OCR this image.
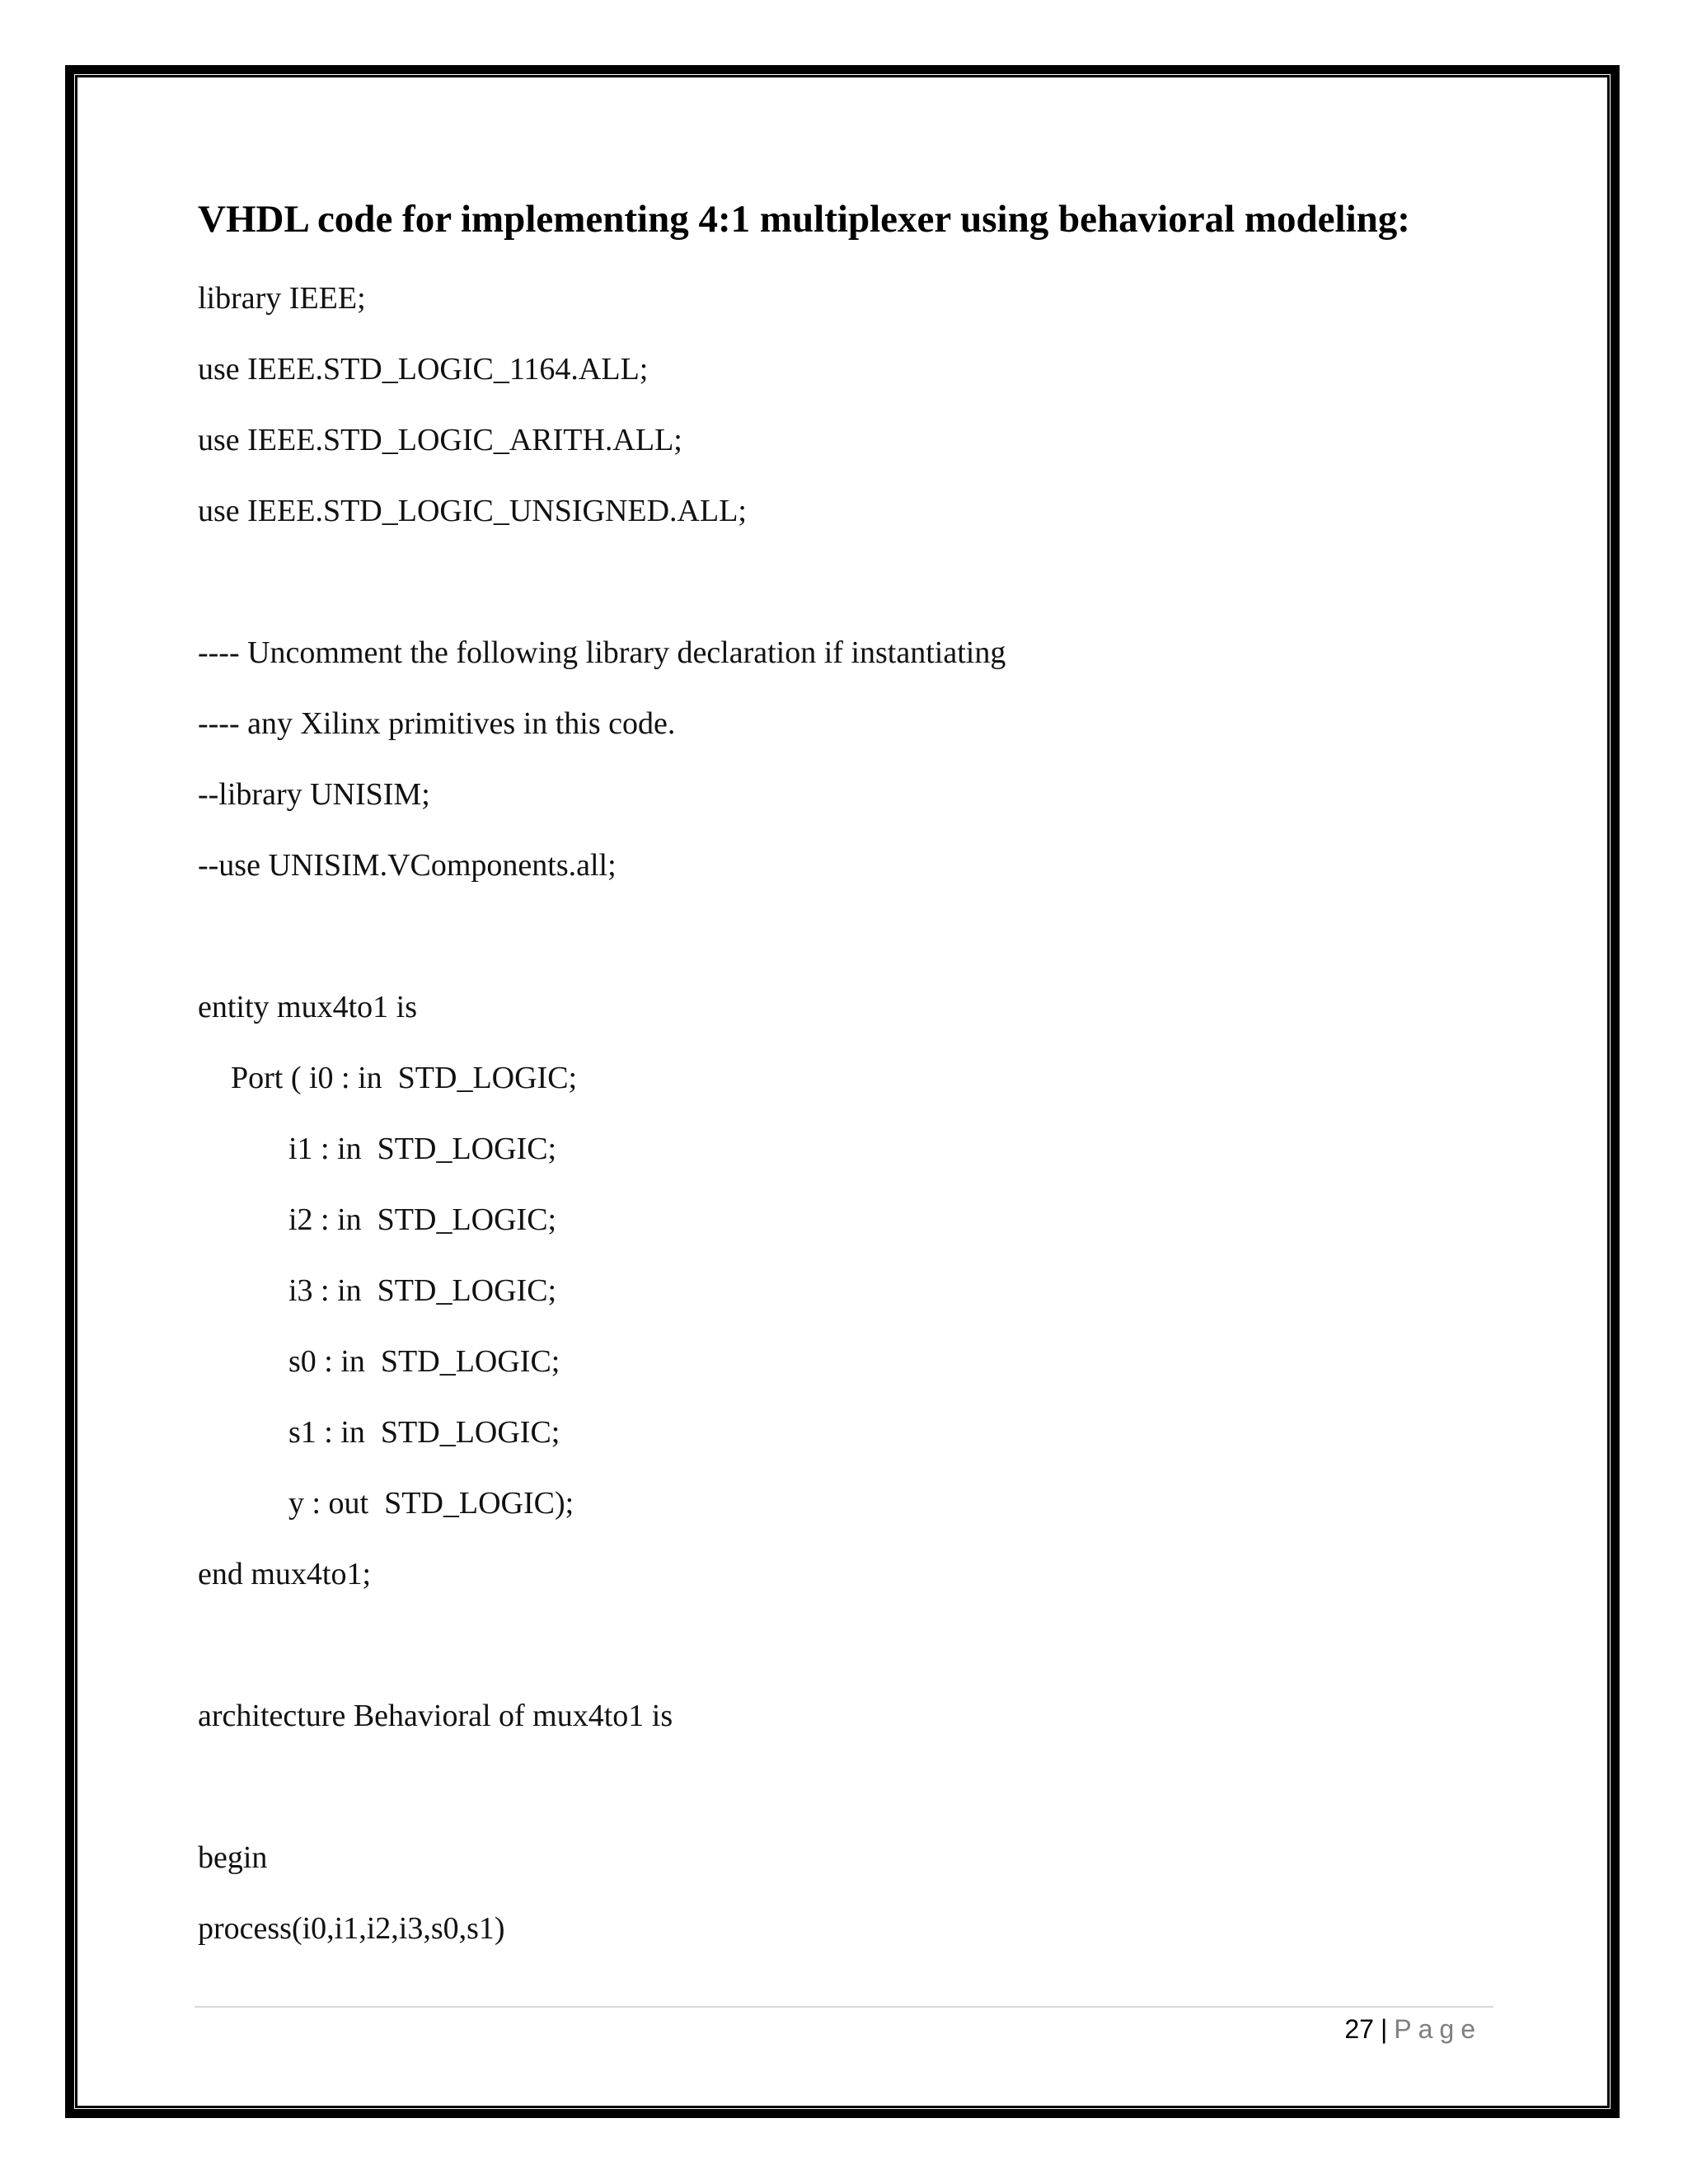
VHDL code for implementing 4:1 multiplexer using behavioral modeling:
library IEEE;
use IEEE.STD_LOGIC_1164.ALL;
use IEEE.STD_LOGIC_ARITH.ALL;
use IEEE.STD_LOGIC_UNSIGNED.ALL;
---- Uncomment the following library declaration if instantiating
---- any Xilinx primitives in this code.
--library UNISIM;
--use UNISIM.VComponents.all;
entity mux4to1 is
Port ( i0 : in  STD_LOGIC;
i1 : in  STD_LOGIC;
i2 : in  STD_LOGIC;
i3 : in  STD_LOGIC;
s0 : in  STD_LOGIC;
s1 : in  STD_LOGIC;
y : out  STD_LOGIC);
end mux4to1;
architecture Behavioral of mux4to1 is
begin
process(i0,i1,i2,i3,s0,s1)
27 | Page
